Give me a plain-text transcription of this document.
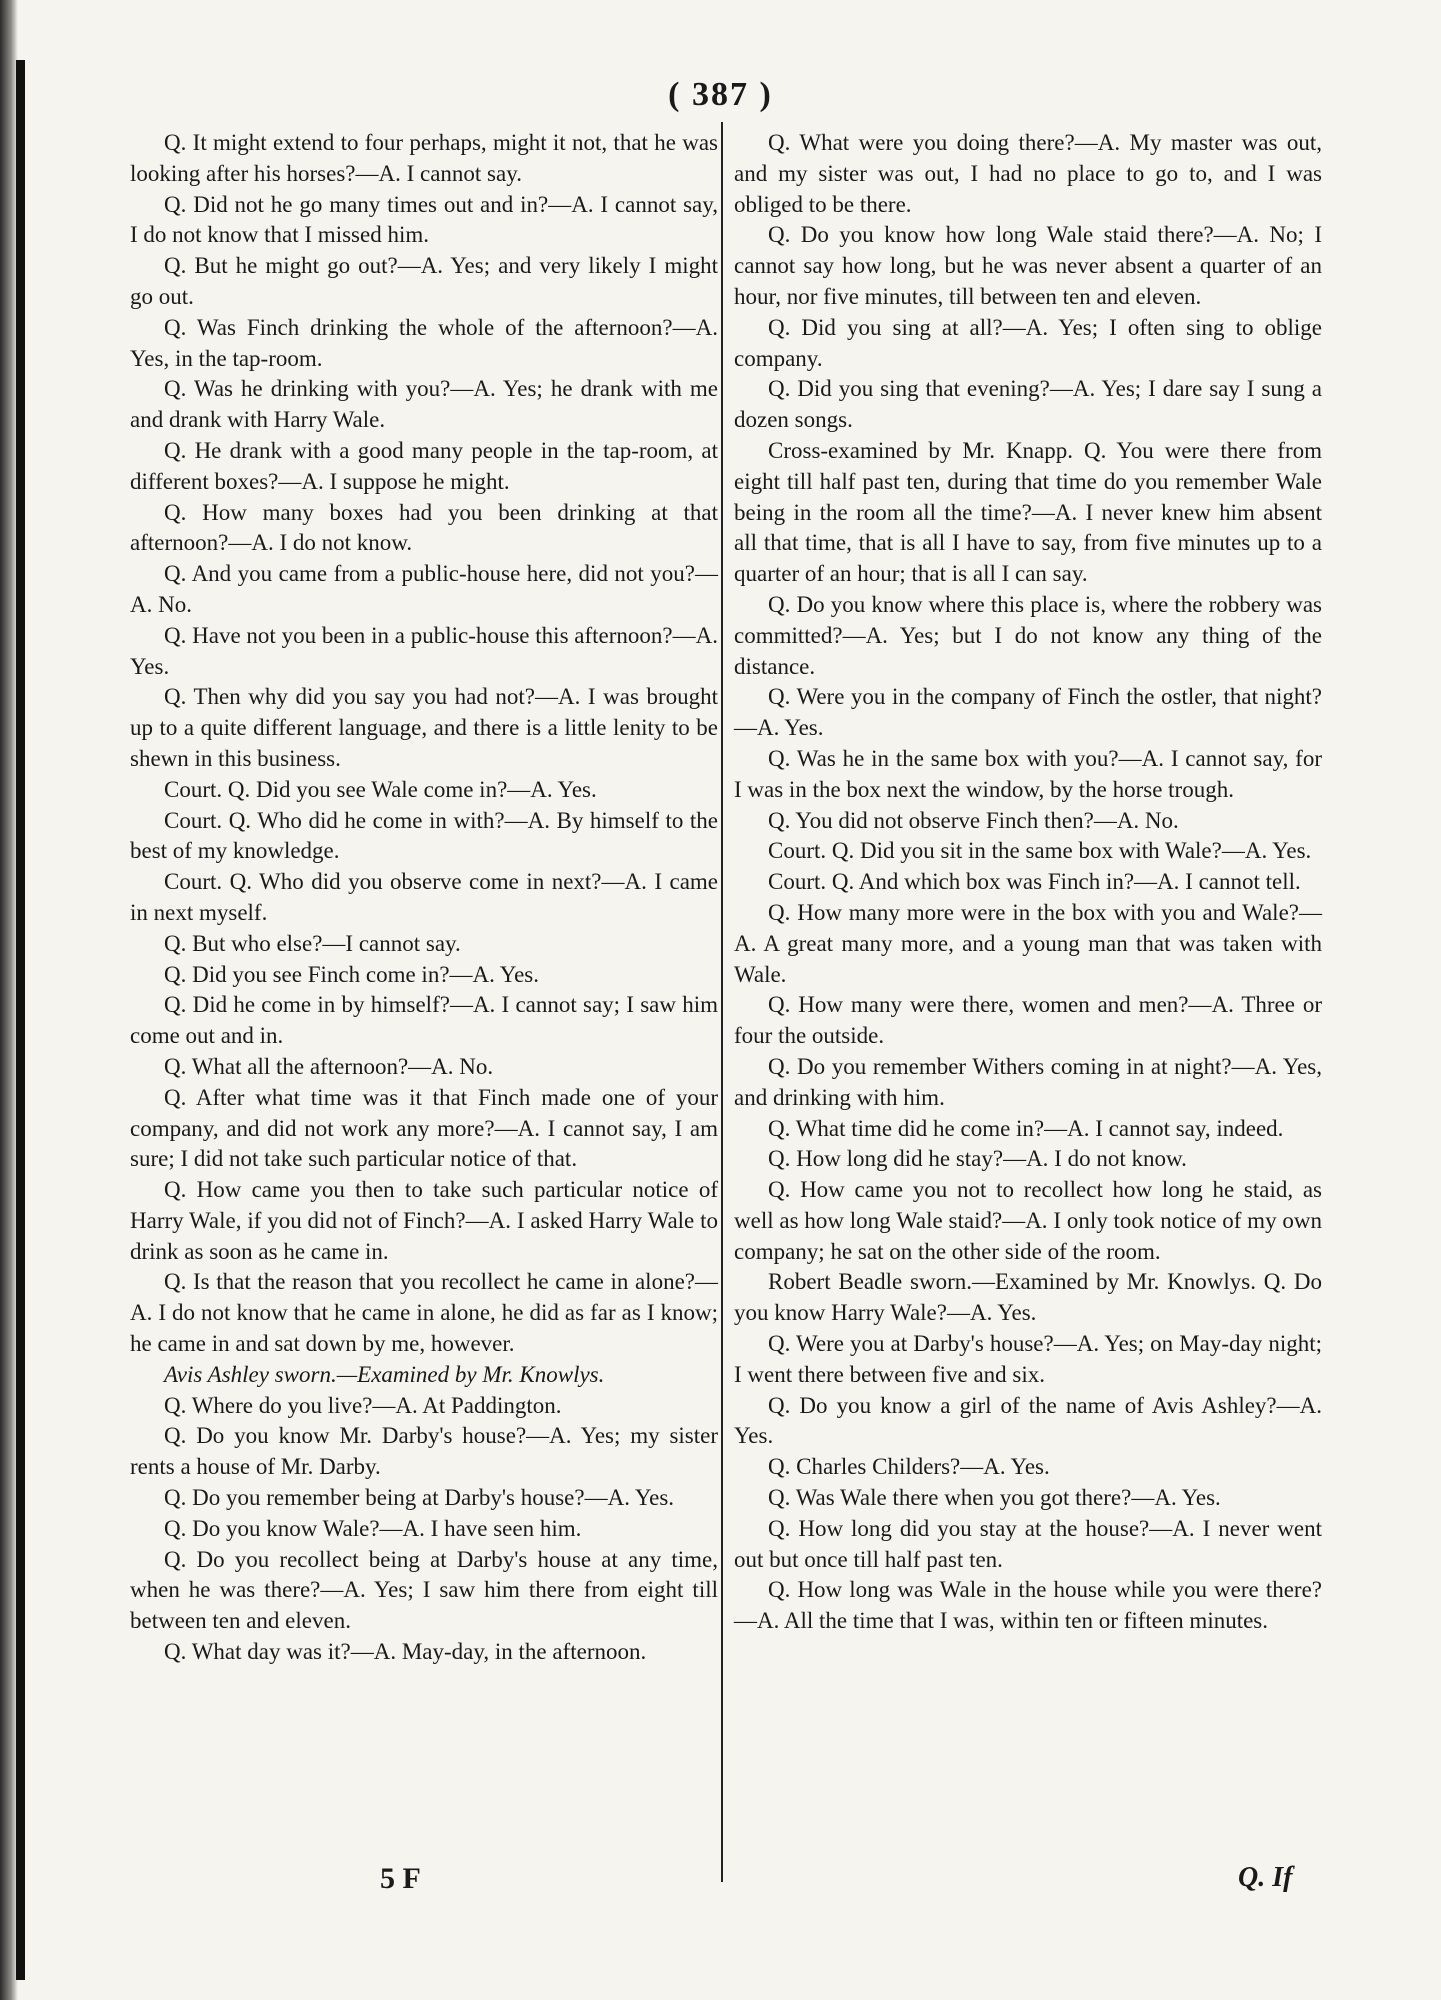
( 387 )

Q. It might extend to four perhaps, might it not, that he was looking after his horses?—A. I cannot say.

Q. Did not he go many times out and in?—A. I cannot say, I do not know that I missed him.

Q. But he might go out?—A. Yes; and very likely I might go out.

Q. Was Finch drinking the whole of the afternoon?—A. Yes, in the tap-room.

Q. Was he drinking with you?—A. Yes; he drank with me and drank with Harry Wale.

Q. He drank with a good many people in the tap-room, at different boxes?—A. I suppose he might.

Q. How many boxes had you been drinking at that afternoon?—A. I do not know.

Q. And you came from a public-house here, did not you?—A. No.

Q. Have not you been in a public-house this afternoon?—A. Yes.

Q. Then why did you say you had not?—A. I was brought up to a quite different language, and there is a little lenity to be shewn in this business.

Court. Q. Did you see Wale come in?—A. Yes.

Court. Q. Who did he come in with?—A. By himself to the best of my knowledge.

Court. Q. Who did you observe come in next?—A. I came in next myself.

Q. But who else?—I cannot say.

Q. Did you see Finch come in?—A. Yes.

Q. Did he come in by himself?—A. I cannot say; I saw him come out and in.

Q. What all the afternoon?—A. No.

Q. After what time was it that Finch made one of your company, and did not work any more?—A. I cannot say, I am sure; I did not take such particular notice of that.

Q. How came you then to take such particular notice of Harry Wale, if you did not of Finch?—A. I asked Harry Wale to drink as soon as he came in.

Q. Is that the reason that you recollect he came in alone?—A. I do not know that he came in alone, he did as far as I know; he came in and sat down by me, however.

Avis Ashley sworn.—Examined by Mr. Knowlys.

Q. Where do you live?—A. At Paddington.

Q. Do you know Mr. Darby's house?—A. Yes; my sister rents a house of Mr. Darby.

Q. Do you remember being at Darby's house?—A. Yes.

Q. Do you know Wale?—A. I have seen him.

Q. Do you recollect being at Darby's house at any time, when he was there?—A. Yes; I saw him there from eight till between ten and eleven.

Q. What day was it?—A. May-day, in the afternoon.

Q. What were you doing there?—A. My master was out, and my sister was out, I had no place to go to, and I was obliged to be there.

Q. Do you know how long Wale staid there?—A. No; I cannot say how long, but he was never absent a quarter of an hour, nor five minutes, till between ten and eleven.

Q. Did you sing at all?—A. Yes; I often sing to oblige company.

Q. Did you sing that evening?—A. Yes; I dare say I sung a dozen songs.

Cross-examined by Mr. Knapp. Q. You were there from eight till half past ten, during that time do you remember Wale being in the room all the time?—A. I never knew him absent all that time, that is all I have to say, from five minutes up to a quarter of an hour; that is all I can say.

Q. Do you know where this place is, where the robbery was committed?—A. Yes; but I do not know any thing of the distance.

Q. Were you in the company of Finch the ostler, that night?—A. Yes.

Q. Was he in the same box with you?—A. I cannot say, for I was in the box next the window, by the horse trough.

Q. You did not observe Finch then?—A. No.

Court. Q. Did you sit in the same box with Wale?—A. Yes.

Court. Q. And which box was Finch in?—A. I cannot tell.

Q. How many more were in the box with you and Wale?—A. A great many more, and a young man that was taken with Wale.

Q. How many were there, women and men?—A. Three or four the outside.

Q. Do you remember Withers coming in at night?—A. Yes, and drinking with him.

Q. What time did he come in?—A. I cannot say, indeed.

Q. How long did he stay?—A. I do not know.

Q. How came you not to recollect how long he staid, as well as how long Wale staid?—A. I only took notice of my own company; he sat on the other side of the room.

Robert Beadle sworn.—Examined by Mr. Knowlys. Q. Do you know Harry Wale?—A. Yes.

Q. Were you at Darby's house?—A. Yes; on May-day night; I went there between five and six.

Q. Do you know a girl of the name of Avis Ashley?—A. Yes.

Q. Charles Childers?—A. Yes.

Q. Was Wale there when you got there?—A. Yes.

Q. How long did you stay at the house?—A. I never went out but once till half past ten.

Q. How long was Wale in the house while you were there?—A. All the time that I was, within ten or fifteen minutes.

5 F	Q. If
